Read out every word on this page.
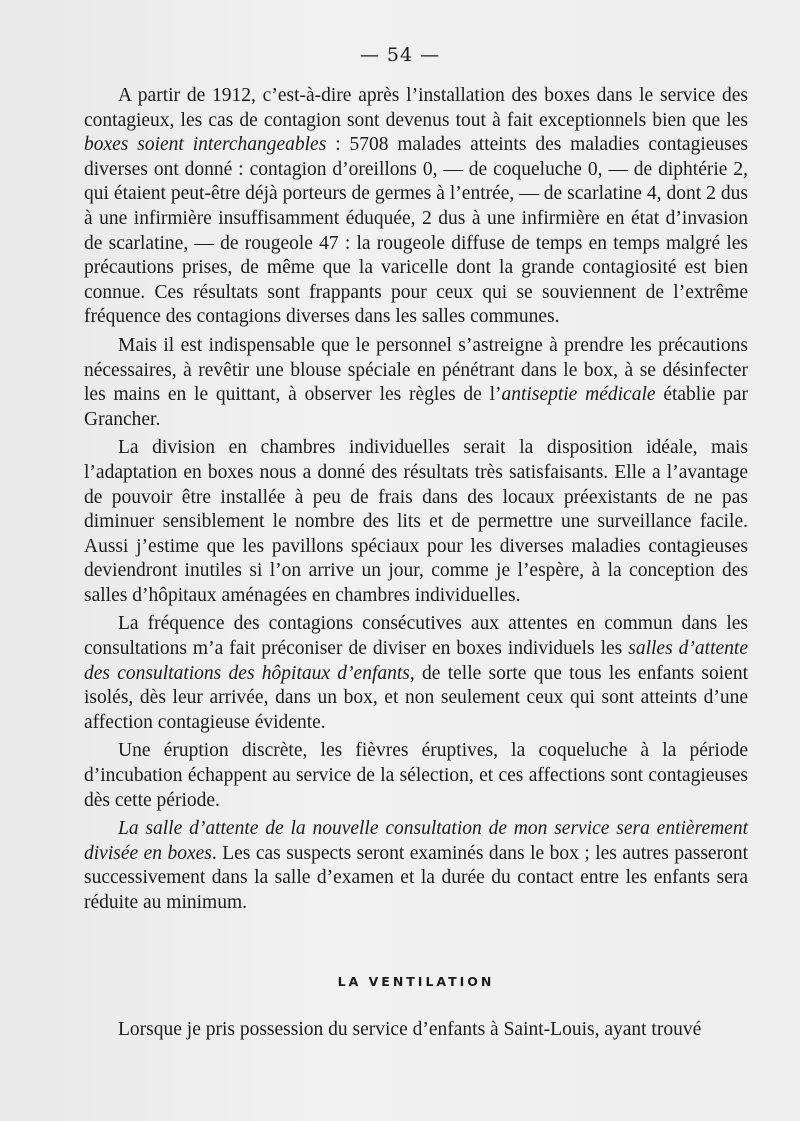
— 54 —

A partir de 1912, c’est-à-dire après l’installation des boxes dans le service des contagieux, les cas de contagion sont devenus tout à fait exceptionnels bien que les boxes soient interchangeables : 5708 malades atteints des maladies contagieuses diverses ont donné : contagion d’oreillons 0, — de coqueluche 0, — de diphtérie 2, qui étaient peut-être déjà porteurs de germes à l’entrée, — de scarlatine 4, dont 2 dus à une infirmière insuffisamment éduquée, 2 dus à une infirmière en état d’invasion de scarlatine, — de rougeole 47 : la rougeole diffuse de temps en temps malgré les précautions prises, de même que la varicelle dont la grande contagiosité est bien connue. Ces résultats sont frappants pour ceux qui se souviennent de l’extrême fréquence des contagions diverses dans les salles communes.

Mais il est indispensable que le personnel s’astreigne à prendre les précautions nécessaires, à revêtir une blouse spéciale en pénétrant dans le box, à se désinfecter les mains en le quittant, à observer les règles de l’antiseptie médicale établie par Grancher.

La division en chambres individuelles serait la disposition idéale, mais l’adaptation en boxes nous a donné des résultats très satisfaisants. Elle a l’avantage de pouvoir être installée à peu de frais dans des locaux préexistants de ne pas diminuer sensiblement le nombre des lits et de permettre une surveillance facile. Aussi j’estime que les pavillons spéciaux pour les diverses maladies contagieuses deviendront inutiles si l’on arrive un jour, comme je l’espère, à la conception des salles d’hôpitaux aménagées en chambres individuelles.

La fréquence des contagions consécutives aux attentes en commun dans les consultations m’a fait préconiser de diviser en boxes individuels les salles d’attente des consultations des hôpitaux d’enfants, de telle sorte que tous les enfants soient isolés, dès leur arrivée, dans un box, et non seulement ceux qui sont atteints d’une affection contagieuse évidente.

Une éruption discrète, les fièvres éruptives, la coqueluche à la période d’incubation échappent au service de la sélection, et ces affections sont contagieuses dès cette période.

La salle d’attente de la nouvelle consultation de mon service sera entièrement divisée en boxes. Les cas suspects seront examinés dans le box ; les autres passeront successivement dans la salle d’examen et la durée du contact entre les enfants sera réduite au minimum.

LA VENTILATION

Lorsque je pris possession du service d’enfants à Saint-Louis, ayant trouvé
